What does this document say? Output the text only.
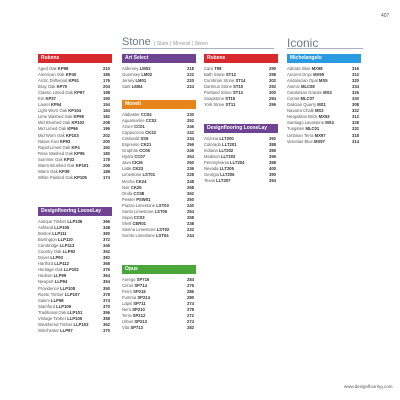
407
Stone | Slate | Mineral | Steen	Iconic
Rubens
Aged Oak KP98	210
American Oak KP40	186
Arctic Driftwood KP51	176
Bray Oak KP70	204
Classic Limed Oak KP97	198
Em KP37	190
Laurel KP54	194
Light Worn Oak KP104	184
Lime Washed Oak KP99	182
Mid Brushed Oak KP102	208
Mid Limed Oak KP96	196
Mid Worn Oak KP103	202
Native Kiwi KP93	200
Rapid Limed Oak KP4	192
Rose Washed Oak KP95	180
Summer Oak KP32	178
Warm Brushed Oak KP101	206
Warm Oak KP39	188
White Painted Oak KP105	174
Designflooring LooseLay
Antique Timber LLP106	366
Ashland LLP105	348
Boston LLP111	380
Burlington LLP110	372
Cambridge LLP113	346
Country Oak LLP92	352
Dover LLP93	382
Hartford LLP112	368
Heritage Oak LLP102	376
Hudson LLP99	364
Newport LLP94	354
Providence LLP108	350
Rustic Timber LLP107	378
Salem LLP98	374
Stamford LLP109	370
Traditional Oak LLP101	356
Vintage Timber LLP105	358
Weathered Timber LLP103	362
Winchester LLP97	370
Art Select
Alderney LM03	218
Guernsey LM02	222
Jersey LM01	220
Sark LM04	224
Moneli
Alabaster CC04	230
Aquamarine CC02	252
Azure CC01	246
Cappuccino CK22	242
Cotswold SS6	234
Espresso CK21	256
Graphite CC06	246
Hydra CC07	264
Java CK26	260
Latte CK23	236
Limestone LST01	228
Mocha CK24	248
Noir CK25	268
Onda CC08	262
Pewter PSW01	250
Piazza Limestone LST03	240
Santo Limestone LST05	254
Sepia CC03	258
Shell CER01	238
Sienna Limestone LST02	232
Sorrito Limestone LST04	244
Opus
Aurego SP716	284
Cirrus SP714	276
Ferro SP215	286
Fumma SP214	280
Lapis SP711	274
Nero SP210	278
Terra SP212	272
Urbus SP213	274
Vita SP713	282
Rubens
Cara T98	290
Bath Stone ST12	298
Cumbrian Stone ST14	302
Dartmus Stone ST10	292
Portland Stone ST13	300
Soapstone ST15	294
York Stone ST11	296
Designflooring LooseLay
Arizona LLT200	392
Colorado LLT201	388
Indiana LLT202	386
Madison LLT203	396
Pennsylvania LLT204	398
Nevada LLT205	400
Georgia LLT206	390
Texas LLT207	394
Michelangelo
Adriatic Blue MX98	316
Ancient Onyx MX95	310
Andalucian Opal MS5	320
Atomic MLC08	334
Catalonian Granite MS3	326
Comet MLC07	330
Galician Quarry MS1	308
Navarra Chalk MS2	322
Neapolitan Brick MX93	312
Santiago Lavastone MS4	328
Tungsten MLC01	332
Umbrian Terra MX97	318
Venetian Blue MX97	314
www.designflooring.com
